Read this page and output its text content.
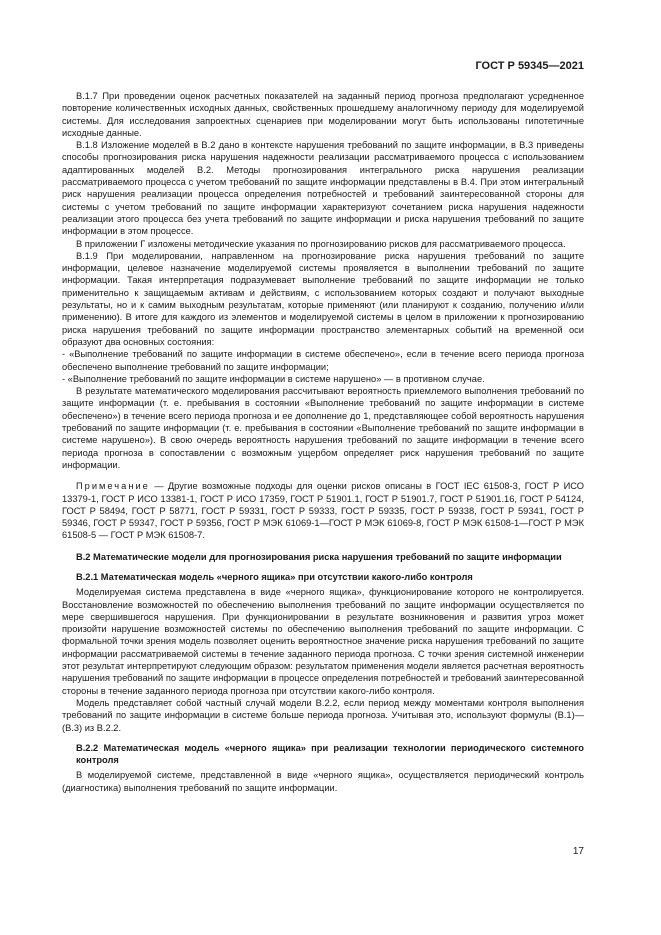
ГОСТ Р 59345—2021

В.1.7 При проведении оценок расчетных показателей на заданный период прогноза предполагают усредненное повторение количественных исходных данных, свойственных прошедшему аналогичному периоду для моделируемой системы. Для исследования запроектных сценариев при моделировании могут быть использованы гипотетичные исходные данные.

В.1.8 Изложение моделей в В.2 дано в контексте нарушения требований по защите информации, в В.3 приведены способы прогнозирования риска нарушения надежности реализации рассматриваемого процесса с использованием адаптированных моделей В.2. Методы прогнозирования интегрального риска нарушения реализации рассматриваемого процесса с учетом требований по защите информации представлены в В.4. При этом интегральный риск нарушения реализации процесса определения потребностей и требований заинтересованной стороны для системы с учетом требований по защите информации характеризуют сочетанием риска нарушения надежности реализации этого процесса без учета требований по защите информации и риска нарушения требований по защите информации в этом процессе.

В приложении Г изложены методические указания по прогнозированию рисков для рассматриваемого процесса.

В.1.9 При моделировании, направленном на прогнозирование риска нарушения требований по защите информации, целевое назначение моделируемой системы проявляется в выполнении требований по защите информации. Такая интерпретация подразумевает выполнение требований по защите информации не только применительно к защищаемым активам и действиям, с использованием которых создают и получают выходные результаты, но и к самим выходным результатам, которые применяют (или планируют к созданию, получению и/или применению). В итоге для каждого из элементов и моделируемой системы в целом в приложении к прогнозированию риска нарушения требований по защите информации пространство элементарных событий на временной оси образуют два основных состояния:

- «Выполнение требований по защите информации в системе обеспечено», если в течение всего периода прогноза обеспечено выполнение требований по защите информации;

- «Выполнение требований по защите информации в системе нарушено» — в противном случае.

В результате математического моделирования рассчитывают вероятность приемлемого выполнения требований по защите информации (т. е. пребывания в состоянии «Выполнение требований по защите информации в системе обеспечено») в течение всего периода прогноза и ее дополнение до 1, представляющее собой вероятность нарушения требований по защите информации (т. е. пребывания в состоянии «Выполнение требований по защите информации в системе нарушено»). В свою очередь вероятность нарушения требований по защите информации в течение всего периода прогноза в сопоставлении с возможным ущербом определяет риск нарушения требований по защите информации.

Примечание — Другие возможные подходы для оценки рисков описаны в ГОСТ IEC 61508-3, ГОСТ Р ИСО 13379-1, ГОСТ Р ИСО 13381-1, ГОСТ Р ИСО 17359, ГОСТ Р 51901.1, ГОСТ Р 51901.7, ГОСТ Р 51901.16, ГОСТ Р 54124, ГОСТ Р 58494, ГОСТ Р 58771, ГОСТ Р 59331, ГОСТ Р 59333, ГОСТ Р 59335, ГОСТ Р 59338, ГОСТ Р 59341, ГОСТ Р 59346, ГОСТ Р 59347, ГОСТ Р 59356, ГОСТ Р МЭК 61069-1—ГОСТ Р МЭК 61069-8, ГОСТ Р МЭК 61508-1—ГОСТ Р МЭК 61508-5 — ГОСТ Р МЭК 61508-7.

В.2 Математические модели для прогнозирования риска нарушения требований по защите информации
В.2.1 Математическая модель «черного ящика» при отсутствии какого-либо контроля

Моделируемая система представлена в виде «черного ящика», функционирование которого не контролируется. Восстановление возможностей по обеспечению выполнения требований по защите информации осуществляется по мере свершившегося нарушения. При функционировании в результате возникновения и развития угроз может произойти нарушение возможностей системы по обеспечению выполнения требований по защите информации. С формальной точки зрения модель позволяет оценить вероятностное значение риска нарушения требований по защите информации рассматриваемой системы в течение заданного периода прогноза. С точки зрения системной инженерии этот результат интерпретируют следующим образом: результатом применения модели является расчетная вероятность нарушения требований по защите информации в процессе определения потребностей и требований заинтересованной стороны в течение заданного периода прогноза при отсутствии какого-либо контроля.

Модель представляет собой частный случай модели В.2.2, если период между моментами контроля выполнения требований по защите информации в системе больше периода прогноза. Учитывая это, используют формулы (В.1)—(В.3) из В.2.2.

В.2.2 Математическая модель «черного ящика» при реализации технологии периодического системного контроля

В моделируемой системе, представленной в виде «черного ящика», осуществляется периодический контроль (диагностика) выполнения требований по защите информации.

17
